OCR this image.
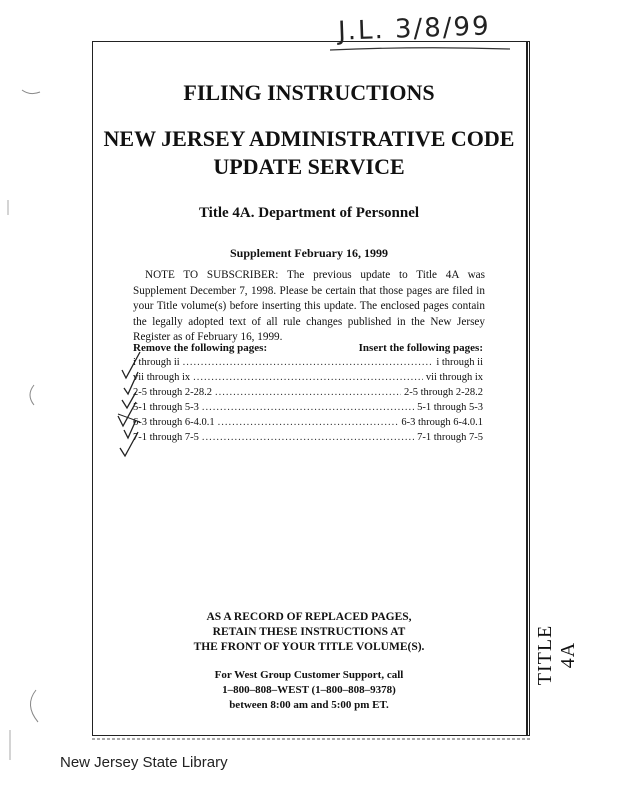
J.L. 3/8/99
TITLE 4A
FILING INSTRUCTIONS
NEW JERSEY ADMINISTRATIVE CODE
UPDATE SERVICE
Title 4A. Department of Personnel
Supplement February 16, 1999
NOTE TO SUBSCRIBER: The previous update to Title 4A was Supplement December 7, 1998. Please be certain that those pages are filed in your Title volume(s) before inserting this update. The enclosed pages contain the legally adopted text of all rule changes published in the New Jersey Register as of February 16, 1999.
Remove the following pages:	Insert the following pages:
i through ii .....	i through ii
vii through ix .....	vii through ix
2-5 through 2-28.2 .....	2-5 through 2-28.2
5-1 through 5-3 .....	5-1 through 5-3
6-3 through 6-4.0.1 .....	6-3 through 6-4.0.1
7-1 through 7-5 .....	7-1 through 7-5
AS A RECORD OF REPLACED PAGES,
RETAIN THESE INSTRUCTIONS AT
THE FRONT OF YOUR TITLE VOLUME(S).
For West Group Customer Support, call
1–800–808–WEST (1–800–808–9378)
between 8:00 am and 5:00 pm ET.
New Jersey State Library
